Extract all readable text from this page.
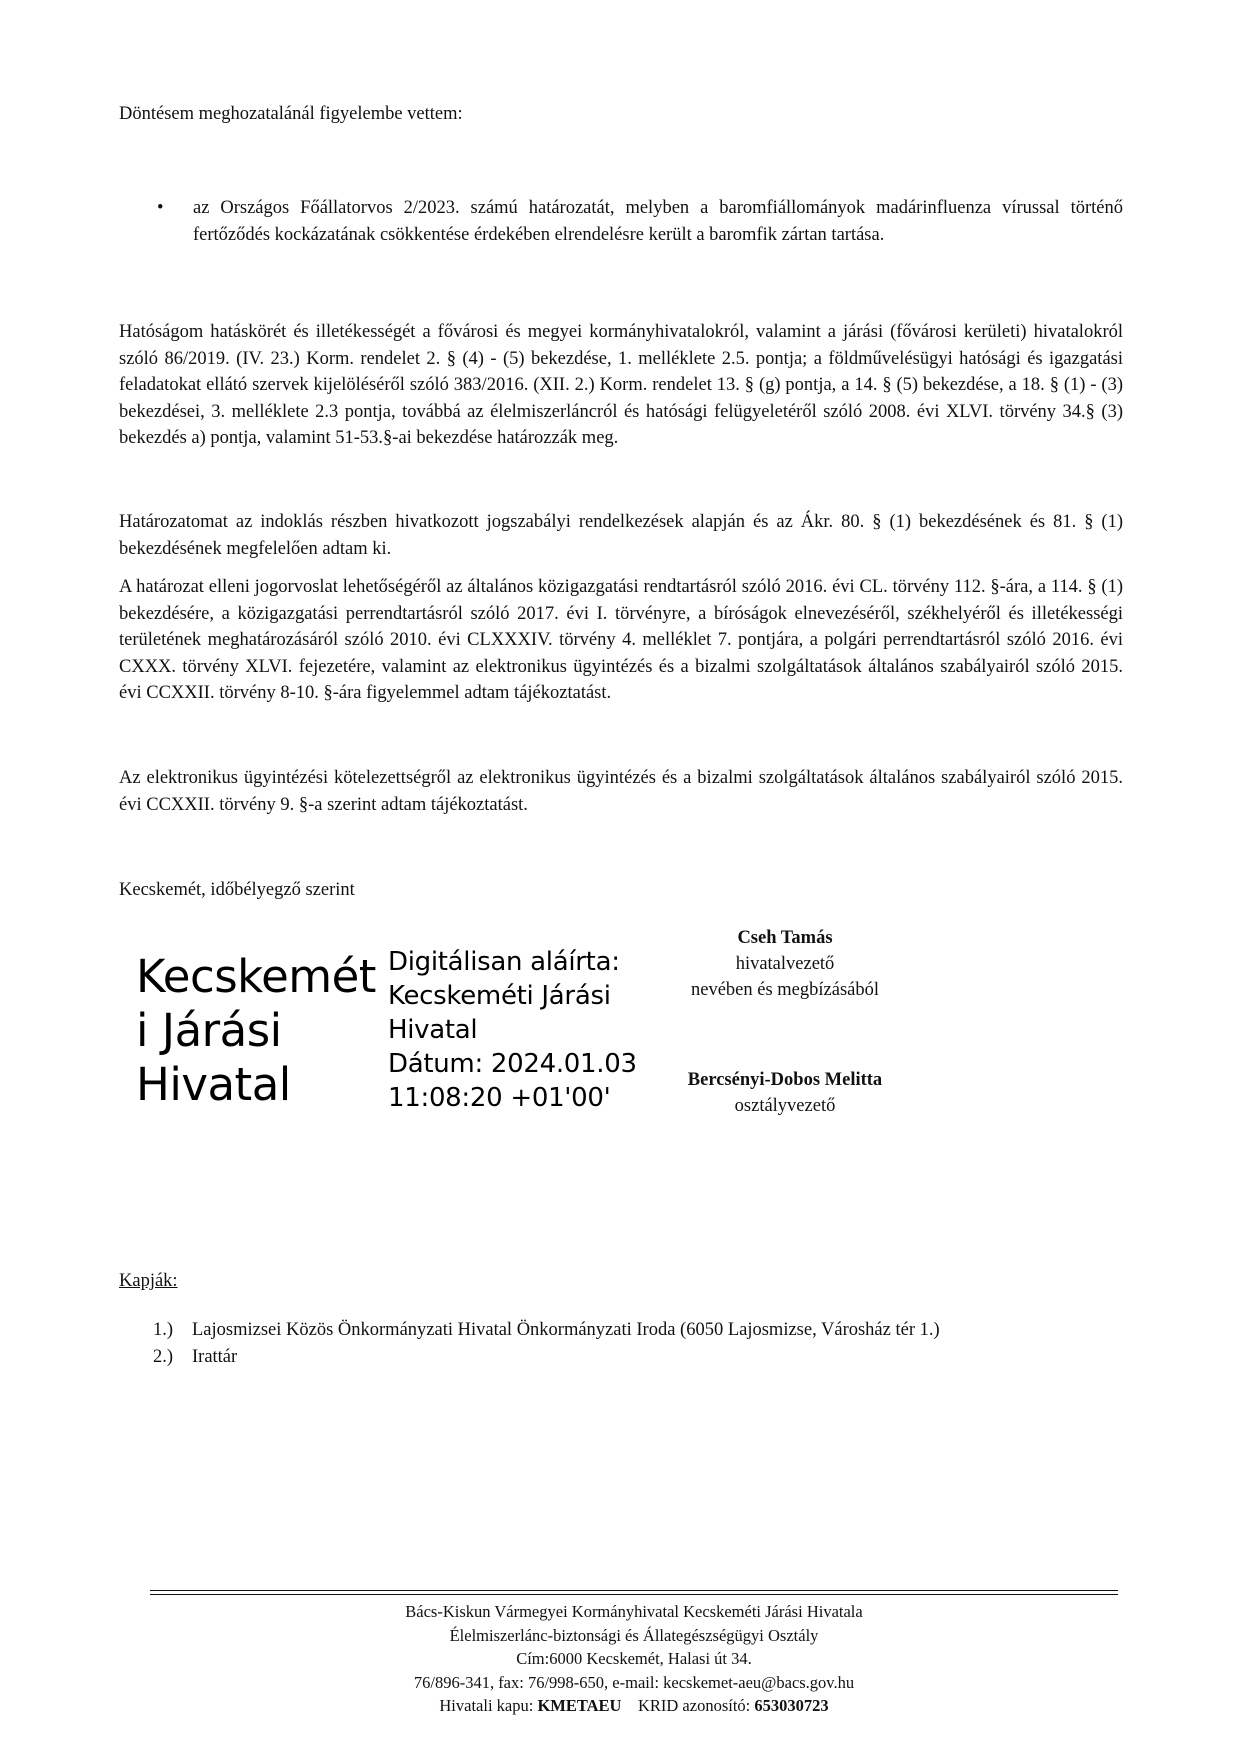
Döntésem meghozatalánál figyelembe vettem:

• az Országos Főállatorvos 2/2023. számú határozatát, melyben a baromfiállományok madárinfluenza vírussal történő fertőződés kockázatának csökkentése érdekében elrendelésre került a baromfik zártan tartása.

Hatóságom hatáskörét és illetékességét a fővárosi és megyei kormányhivatalokról, valamint a járási (fővárosi kerületi) hivatalokról szóló 86/2019. (IV. 23.) Korm. rendelet 2. § (4) - (5) bekezdése, 1. melléklete 2.5. pontja; a földművelésügyi hatósági és igazgatási feladatokat ellátó szervek kijelöléséről szóló 383/2016. (XII. 2.) Korm. rendelet 13. § (g) pontja, a 14. § (5) bekezdése, a 18. § (1) - (3) bekezdései, 3. melléklete 2.3 pontja, továbbá az élelmiszerláncról és hatósági felügyeletéről szóló 2008. évi XLVI. törvény 34.§ (3) bekezdés a) pontja, valamint 51-53.§-ai bekezdése határozzák meg.

Határozatomat az indoklás részben hivatkozott jogszabályi rendelkezések alapján és az Ákr. 80. § (1) bekezdésének és 81. § (1) bekezdésének megfelelően adtam ki.

A határozat elleni jogorvoslat lehetőségéről az általános közigazgatási rendtartásról szóló 2016. évi CL. törvény 112. §-ára, a 114. § (1) bekezdésére, a közigazgatási perrendtartásról szóló 2017. évi I. törvényre, a bíróságok elnevezéséről, székhelyéről és illetékességi területének meghatározásáról szóló 2010. évi CLXXXIV. törvény 4. melléklet 7. pontjára, a polgári perrendtartásról szóló 2016. évi CXXX. törvény XLVI. fejezetére, valamint az elektronikus ügyintézés és a bizalmi szolgáltatások általános szabályairól szóló 2015. évi CCXXII. törvény 8-10. §-ára figyelemmel adtam tájékoztatást.

Az elektronikus ügyintézési kötelezettségről az elektronikus ügyintézés és a bizalmi szolgáltatások általános szabályairól szóló 2015. évi CCXXII. törvény 9. §-a szerint adtam tájékoztatást.

Kecskemét, időbélyegző szerint

Kecskemét
i Járási
Hivatal
Digitálisan aláírta:
Kecskeméti Járási
Hivatal
Dátum: 2024.01.03
11:08:20 +01'00'
Cseh Tamás
hivatalvezető
nevében és megbízásából
Bercsényi-Dobos Melitta
osztályvezető
Kapják:
1.) Lajosmizsei Közös Önkormányzati Hivatal Önkormányzati Iroda (6050 Lajosmizse, Városház tér 1.)
2.) Irattár
Bács-Kiskun Vármegyei Kormányhivatal Kecskeméti Járási Hivatala
Élelmiszerlánc-biztonsági és Állategészségügyi Osztály
Cím:6000 Kecskemét, Halasi út 34.
76/896-341, fax: 76/998-650, e-mail: kecskemet-aeu@bacs.gov.hu
Hivatali kapu: KMETAEU KRID azonosító: 653030723
